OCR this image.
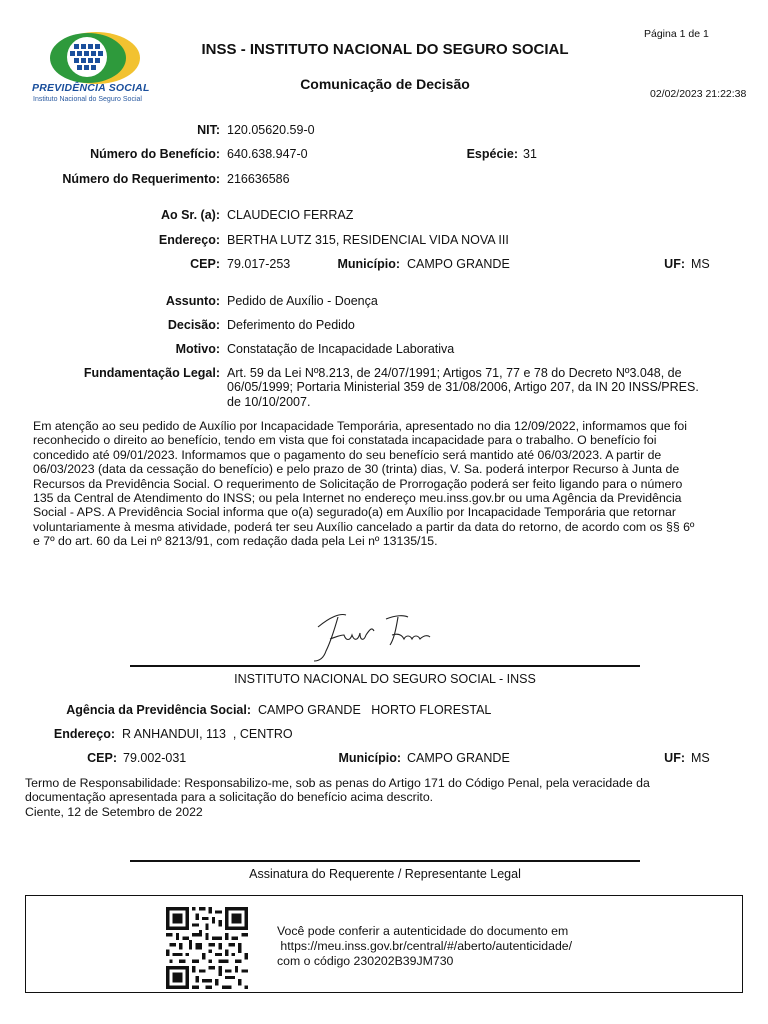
Página 1 de 1
PREVIDÊNCIA SOCIAL
Instituto Nacional do Seguro Social
INSS - INSTITUTO NACIONAL DO SEGURO SOCIAL
Comunicação de Decisão
02/02/2023 21:22:38
NIT: 120.05620.59-0
Número do Benefício: 640.638.947-0	Espécie: 31
Número do Requerimento: 216636586
Ao Sr. (a): CLAUDECIO FERRAZ
Endereço: BERTHA LUTZ 315, RESIDENCIAL VIDA NOVA III
CEP: 79.017-253	Município: CAMPO GRANDE	UF: MS
Assunto: Pedido de Auxílio - Doença
Decisão: Deferimento do Pedido
Motivo: Constatação de Incapacidade Laborativa
Fundamentação Legal: Art. 59 da Lei Nº8.213, de 24/07/1991; Artigos 71, 77 e 78 do Decreto Nº3.048, de
06/05/1999; Portaria Ministerial 359 de 31/08/2006, Artigo 207, da IN 20 INSS/PRES.
de 10/10/2007.
Em atenção ao seu pedido de Auxílio por Incapacidade Temporária, apresentado no dia 12/09/2022, informamos que foi
reconhecido o direito ao benefício, tendo em vista que foi constatada incapacidade para o trabalho. O benefício foi
concedido até 09/01/2023. Informamos que o pagamento do seu benefício será mantido até 06/03/2023. A partir de
06/03/2023 (data da cessação do benefício) e pelo prazo de 30 (trinta) dias, V. Sa. poderá interpor Recurso à Junta de
Recursos da Previdência Social. O requerimento de Solicitação de Prorrogação poderá ser feito ligando para o número
135 da Central de Atendimento do INSS; ou pela Internet no endereço meu.inss.gov.br ou uma Agência da Previdência
Social - APS. A Previdência Social informa que o(a) segurado(a) em Auxílio por Incapacidade Temporária que retornar
voluntariamente à mesma atividade, poderá ter seu Auxílio cancelado a partir da data do retorno, de acordo com os §§ 6º
e 7º do art. 60 da Lei nº 8213/91, com redação dada pela Lei nº 13135/15.
INSTITUTO NACIONAL DO SEGURO SOCIAL - INSS
Agência da Previdência Social: CAMPO GRANDE   HORTO FLORESTAL
Endereço: R ANHANDUI, 113  , CENTRO
CEP: 79.002-031	Município: CAMPO GRANDE	UF: MS
Termo de Responsabilidade: Responsabilizo-me, sob as penas do Artigo 171 do Código Penal, pela veracidade da
documentação apresentada para a solicitação do benefício acima descrito.
Ciente, 12 de Setembro de 2022
Assinatura do Requerente / Representante Legal
Você pode conferir a autenticidade do documento em
https://meu.inss.gov.br/central/#/aberto/autenticidade/
com o código 230202B39JM730
